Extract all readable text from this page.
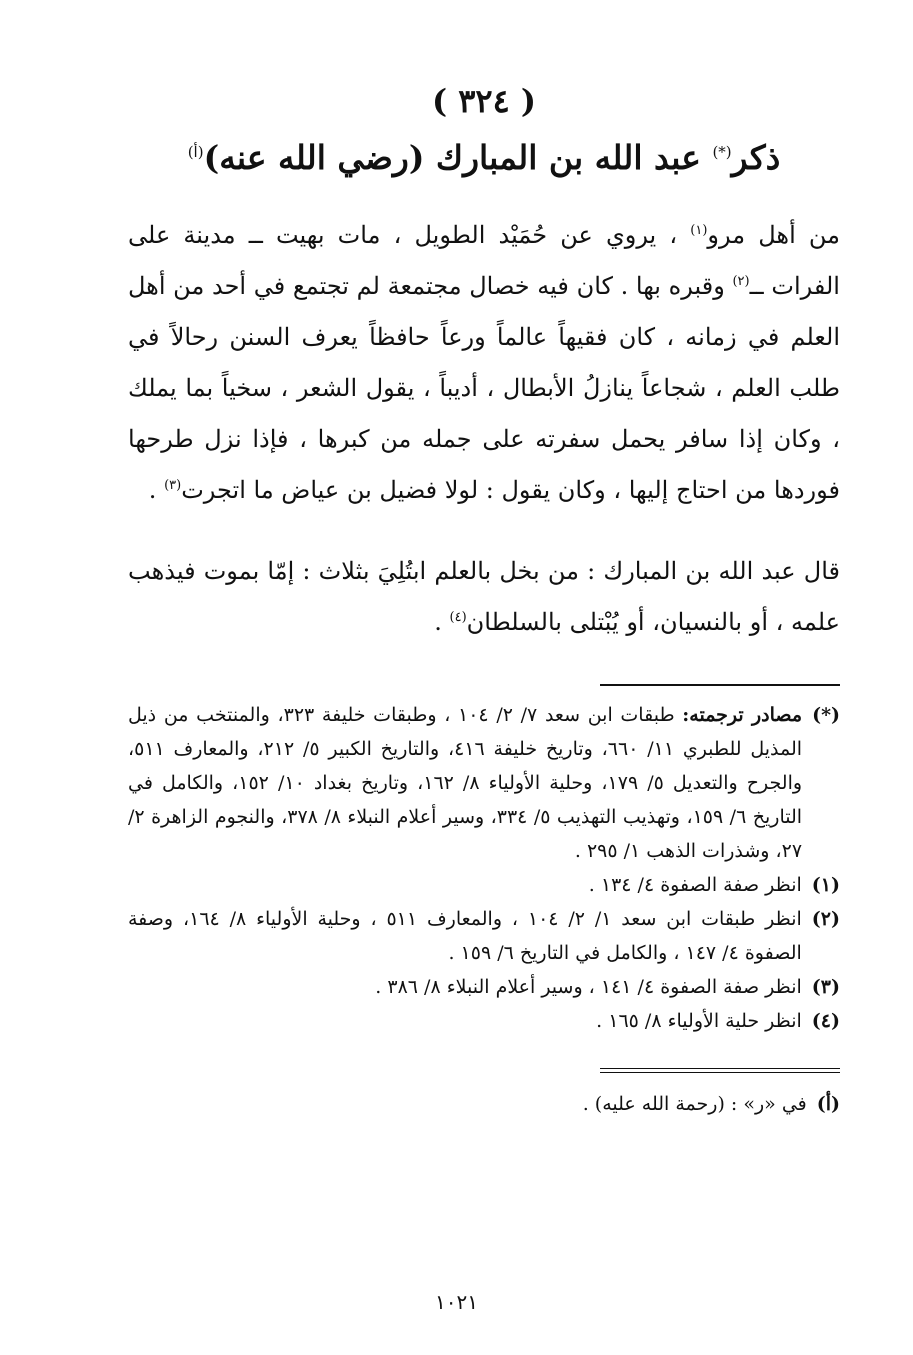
( ٣٢٤ )
ذكر(*) عبد الله بن المبارك (رضي الله عنه)$^{(أ)}$

من أهل مرو$^{(١)}$ ، يروي عن حُمَيْد الطويل ، مات بهيت ــ مدينة على الفرات ــ$^{(٢)}$ وقبره بها . كان فيه خصال مجتمعة لم تجتمع في أحد من أهل العلم في زمانه ، كان فقيهاً عالماً ورعاً حافظاً يعرف السنن رحالاً في طلب العلم ، شجاعاً ينازلُ الأبطال ، أديباً ، يقول الشعر ، سخياً بما يملك ، وكان إذا سافر يحمل سفرته على جمله من كبرها ، فإذا نزل طرحها فوردها من احتاج إليها ، وكان يقول : لولا فضيل بن عياض ما اتجرت$^{(٣)}$ .

قال عبد الله بن المبارك : من بخل بالعلم ابتُلِيَ بثلاث : إمّا بموت فيذهب علمه ، أو بالنسيان، أو يُبْتلى بالسلطان$^{(٤)}$ .

(*)
مصادر ترجمته: طبقات ابن سعد ٧/ ٢/ ١٠٤ ، وطبقات خليفة ٣٢٣، والمنتخب من ذيل المذيل للطبري ١١/ ٦٦٠، وتاريخ خليفة ٤١٦، والتاريخ الكبير ٥/ ٢١٢، والمعارف ٥١١، والجرح والتعديل ٥/ ١٧٩، وحلية الأولياء ٨/ ١٦٢، وتاريخ بغداد ١٠/ ١٥٢، والكامل في التاريخ ٦/ ١٥٩، وتهذيب التهذيب ٥/ ٣٣٤، وسير أعلام النبلاء ٨/ ٣٧٨، والنجوم الزاهرة ٢/ ٢٧، وشذرات الذهب ١/ ٢٩٥ .
(١)
انظر صفة الصفوة ٤/ ١٣٤ .
(٢)
انظر طبقات ابن سعد ١/ ٢/ ١٠٤ ، والمعارف ٥١١ ، وحلية الأولياء ٨/ ١٦٤، وصفة الصفوة ٤/ ١٤٧ ، والكامل في التاريخ ٦/ ١٥٩ .
(٣)
انظر صفة الصفوة ٤/ ١٤١ ، وسير أعلام النبلاء ٨/ ٣٨٦ .
(٤)
انظر حلية الأولياء ٨/ ١٦٥ .
(أ)
في «ر» : (رحمة الله عليه) .
١٠٢١
